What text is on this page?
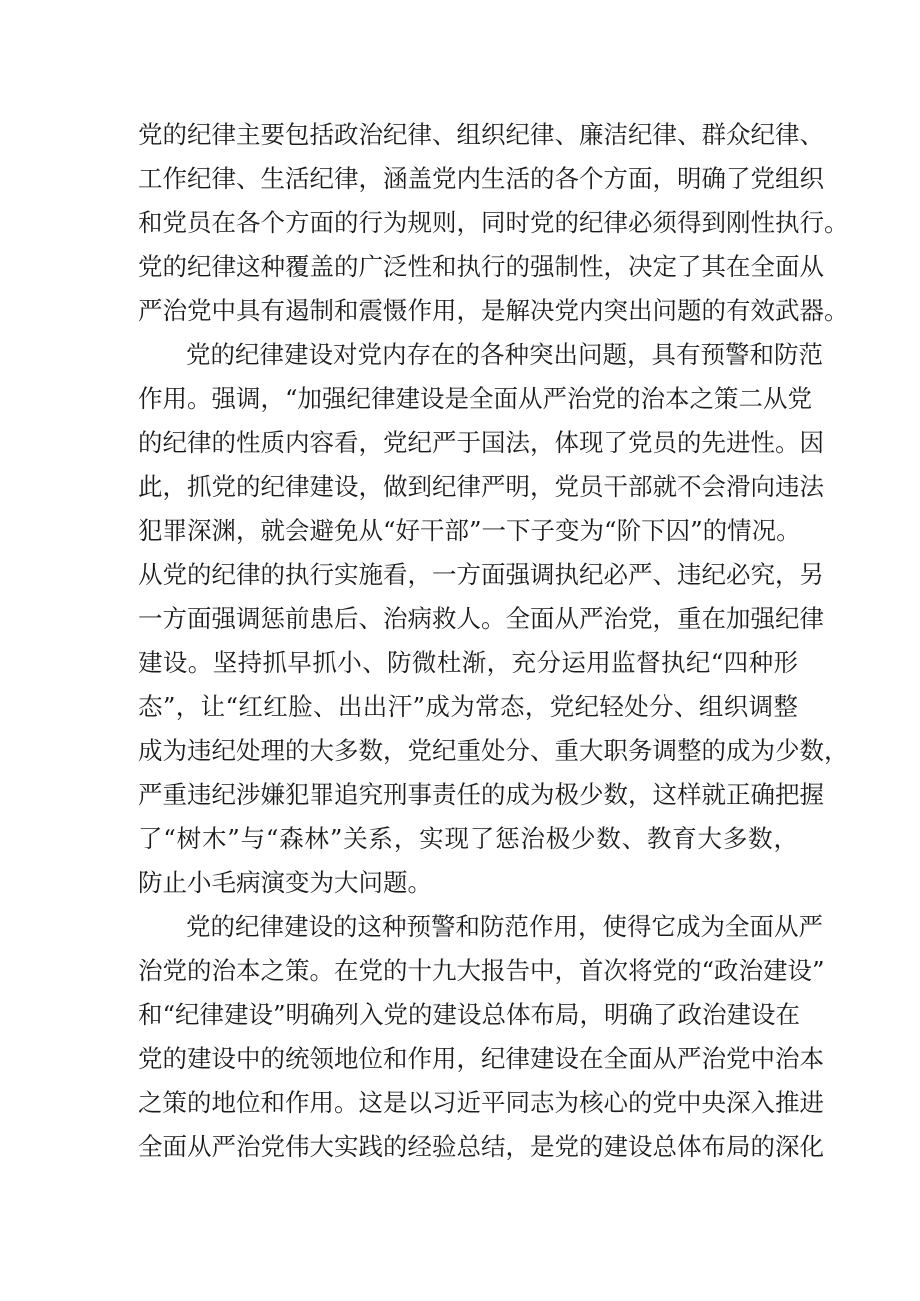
党的纪律主要包括政治纪律、组织纪律、廉洁纪律、群众纪律、
工作纪律、生活纪律，涵盖党内生活的各个方面，明确了党组织
和党员在各个方面的行为规则，同时党的纪律必须得到刚性执行。
党的纪律这种覆盖的广泛性和执行的强制性，决定了其在全面从
严治党中具有遏制和震慑作用，是解决党内突出问题的有效武器。
党的纪律建设对党内存在的各种突出问题，具有预警和防范
作用。强调，“加强纪律建设是全面从严治党的治本之策二从党
的纪律的性质内容看，党纪严于国法，体现了党员的先进性。因
此，抓党的纪律建设，做到纪律严明，党员干部就不会滑向违法
犯罪深渊，就会避免从“好干部”一下子变为“阶下囚”的情况。
从党的纪律的执行实施看，一方面强调执纪必严、违纪必究，另
一方面强调惩前患后、治病救人。全面从严治党，重在加强纪律
建设。坚持抓早抓小、防微杜渐，充分运用监督执纪“四种形
态”，让“红红脸、出出汗”成为常态，党纪轻处分、组织调整
成为违纪处理的大多数，党纪重处分、重大职务调整的成为少数，
严重违纪涉嫌犯罪追究刑事责任的成为极少数，这样就正确把握
了“树木”与“森林”关系，实现了惩治极少数、教育大多数，
防止小毛病演变为大问题。
党的纪律建设的这种预警和防范作用，使得它成为全面从严
治党的治本之策。在党的十九大报告中，首次将党的“政治建设”
和“纪律建设”明确列入党的建设总体布局，明确了政治建设在
党的建设中的统领地位和作用，纪律建设在全面从严治党中治本
之策的地位和作用。这是以习近平同志为核心的党中央深入推进
全面从严治党伟大实践的经验总结，是党的建设总体布局的深化
